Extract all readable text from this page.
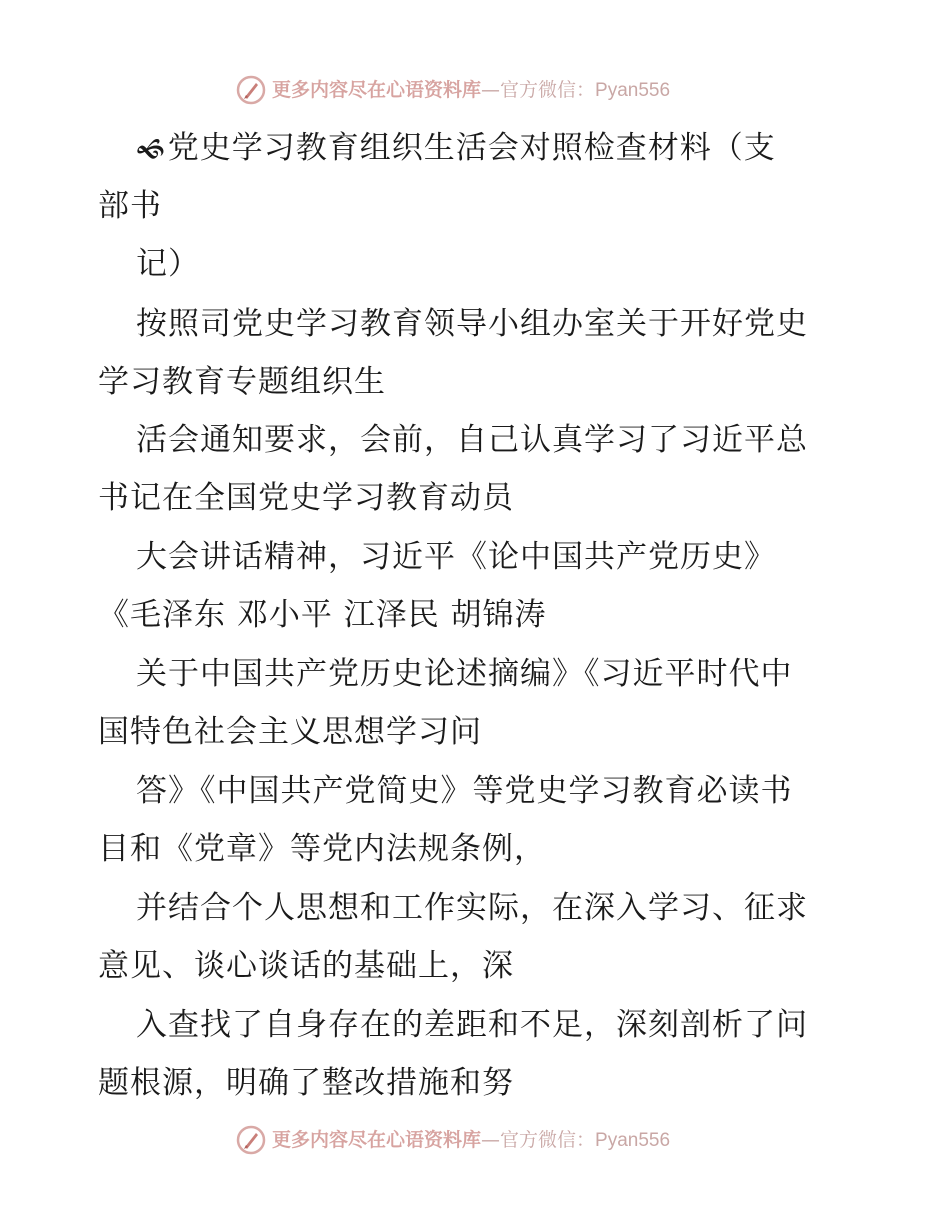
更多内容尽在心语资料库—官方微信：Pyan556
🙜党史学习教育组织生活会对照检查材料（支
部书
记）
按照司党史学习教育领导小组办室关于开好党史
学习教育专题组织生
活会通知要求，会前，自己认真学习了习近平总
书记在全国党史学习教育动员
大会讲话精神，习近平《论中国共产党历史》
《毛泽东 邓小平 江泽民 胡锦涛
关于中国共产党历史论述摘编》《习近平时代中
国特色社会主义思想学习问
答》《中国共产党简史》等党史学习教育必读书
目和《党章》等党内法规条例，
并结合个人思想和工作实际，在深入学习、征求
意见、谈心谈话的基础上，深
入查找了自身存在的差距和不足，深刻剖析了问
题根源，明确了整改措施和努
更多内容尽在心语资料库—官方微信：Pyan556
